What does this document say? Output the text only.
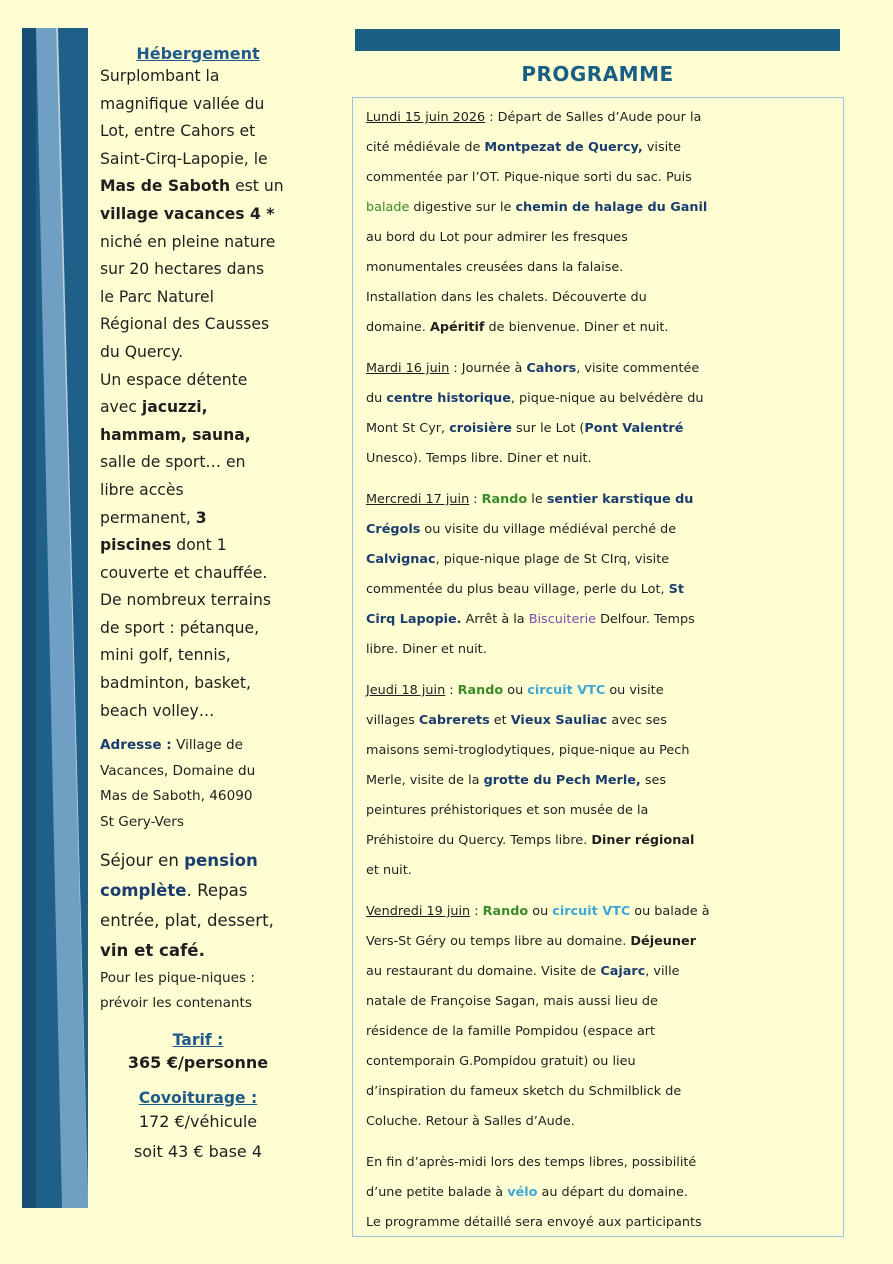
Hébergement

Surplombant la
magnifique vallée du
Lot, entre Cahors et
Saint-Cirq-Lapopie, le
Mas de Saboth est un
village vacances 4 *
niché en pleine nature
sur 20 hectares dans
le Parc Naturel
Régional des Causses
du Quercy.
Un espace détente
avec jacuzzi,
hammam, sauna,
salle de sport… en
libre accès
permanent, 3
piscines dont 1
couverte et chauffée.
De nombreux terrains
de sport : pétanque,
mini golf, tennis,
badminton, basket,
beach volley…
Adresse : Village de
Vacances, Domaine du
Mas de Saboth, 46090
St Gery-Vers
Séjour en pension
complète. Repas
entrée, plat, dessert,
vin et café.
Pour les pique-niques :
prévoir les contenants
Tarif :
365 €/personne
Covoiturage :
172 €/véhicule
soit 43 € base 4
PROGRAMME
Lundi 15 juin 2026 : Départ de Salles d’Aude pour la
cité médiévale de Montpezat de Quercy, visite
commentée par l’OT. Pique-nique sorti du sac. Puis
balade digestive sur le chemin de halage du Ganil
au bord du Lot pour admirer les fresques
monumentales creusées dans la falaise.
Installation dans les chalets. Découverte du
domaine. Apéritif de bienvenue. Diner et nuit.
Mardi 16 juin : Journée à Cahors, visite commentée
du centre historique, pique-nique au belvédère du
Mont St Cyr, croisière sur le Lot (Pont Valentré
Unesco). Temps libre. Diner et nuit.
Mercredi 17 juin : Rando le sentier karstique du
Crégols ou visite du village médiéval perché de
Calvignac, pique-nique plage de St CIrq, visite
commentée du plus beau village, perle du Lot, St
Cirq Lapopie. Arrêt à la Biscuiterie Delfour. Temps
libre. Diner et nuit.
Jeudi 18 juin : Rando ou circuit VTC ou visite
villages Cabrerets et Vieux Sauliac avec ses
maisons semi-troglodytiques, pique-nique au Pech
Merle, visite de la grotte du Pech Merle, ses
peintures préhistoriques et son musée de la
Préhistoire du Quercy. Temps libre. Diner régional
et nuit.
Vendredi 19 juin : Rando ou circuit VTC ou balade à
Vers-St Géry ou temps libre au domaine. Déjeuner
au restaurant du domaine. Visite de Cajarc, ville
natale de Françoise Sagan, mais aussi lieu de
résidence de la famille Pompidou (espace art
contemporain G.Pompidou gratuit) ou lieu
d’inspiration du fameux sketch du Schmilblick de
Coluche. Retour à Salles d’Aude.
En fin d’après-midi lors des temps libres, possibilité
d’une petite balade à vélo au départ du domaine.
Le programme détaillé sera envoyé aux participants
